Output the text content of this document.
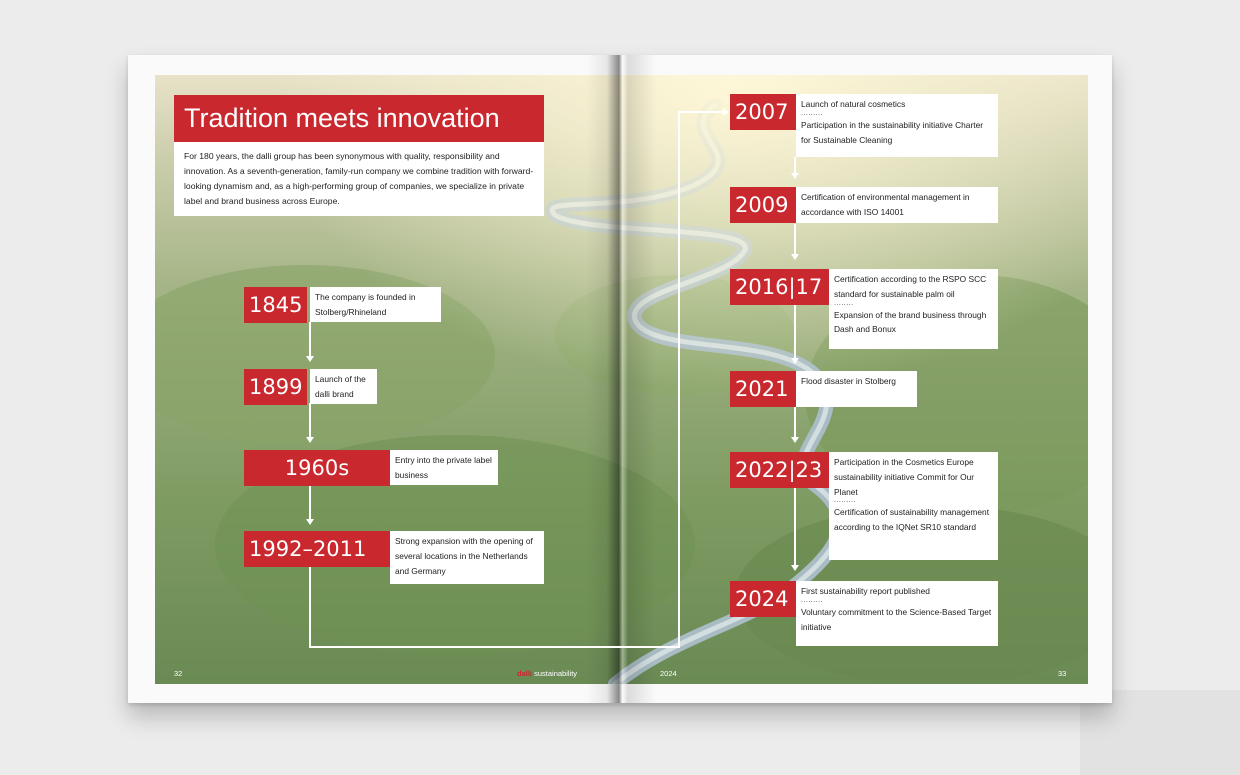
Tradition meets innovation
For 180 years, the dalli group has been synonymous with quality, responsibility and innovation. As a seventh-generation, family-run company we combine tradition with forward-looking dynamism and, as a high-performing group of companies, we specialize in private label and brand business across Europe.
1845	The company is founded in Stolberg/Rhineland
1899	Launch of the dalli brand
1960s	Entry into the private label business
1992–2011	Strong expansion with the opening of several locations in the Netherlands and Germany
2007	Launch of natural cosmetics
.........
Participation in the sustainability initiative Charter for Sustainable Cleaning
2009	Certification of environmental management in accordance with ISO 14001
2016|17	Certification according to the RSPO SCC standard for sustainable palm oil
........
Expansion of the brand business through Dash and Bonux
2021	Flood disaster in Stolberg
2022|23	Participation in the Cosmetics Europe sustainability initiative Commit for Our Planet
.........
Certification of sustainability management according to the IQNet SR10 standard
2024	First sustainability report published
.........
Voluntary commitment to the Science-Based Target initiative
32	dalli sustainability	2024	33
